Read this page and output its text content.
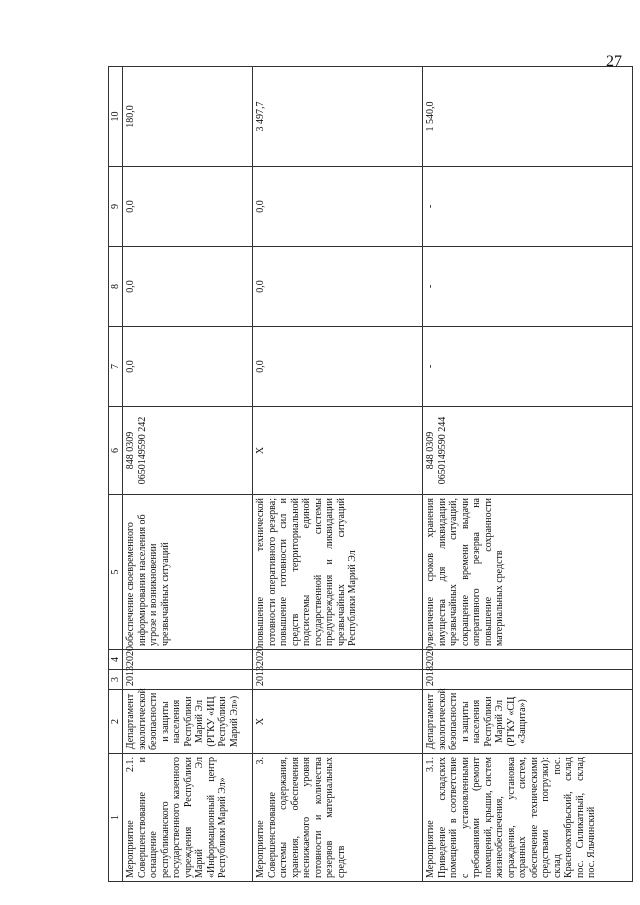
27
1	2	3	4	5	6	7	8	9	10
Мероприятие 2.1. Совершенствование и оснащение республиканского государственного казенного учреждения Республики Марий Эл «Информационный центр Республики Марий Эл»	Департамент экологической безопасности и защиты населения Республики Марий Эл (РГКУ «ИЦ Республики Марий Эл»)	2013	2020	обеспечение своевременного информирования населения об угрозе и возникновении чрезвычайных ситуаций	848 0309 0650149590 242	0,0	0,0	0,0	180,0
Мероприятие 3. Совершенствование системы содержания, хранения, обеспечения неснижаемого уровня готовности и количества резервов материальных средств	Х	2013	2020	повышение технической готовности оперативного резерва; повышение готовности сил и средств территориальной подсистемы единой государственной системы предупреждения и ликвидации чрезвычайных ситуаций Республики Марий Эл	Х	0,0	0,0	0,0	3 497,7
Мероприятие 3.1. Приведение складских помещений в соответствие с установленными требованиями (ремонт помещений, крыши, систем жизнеобеспечения, ограждения, установка охранных систем, обеспечение техническими средствами погрузки): склад пос. Краснооктябрьский, склад пос. Силикатный, склад пос. Яльчинский	Департамент экологической безопасности и защиты населения Республики Марий Эл (РГКУ «СЦ «Защита»)	2018	2020	увеличение сроков хранения имущества для ликвидации чрезвычайных ситуаций, сокращение времени выдачи оперативного резерва на повышение сохранности материальных средств	848 0309 0650149590 244	-	-	-	1 540,0
